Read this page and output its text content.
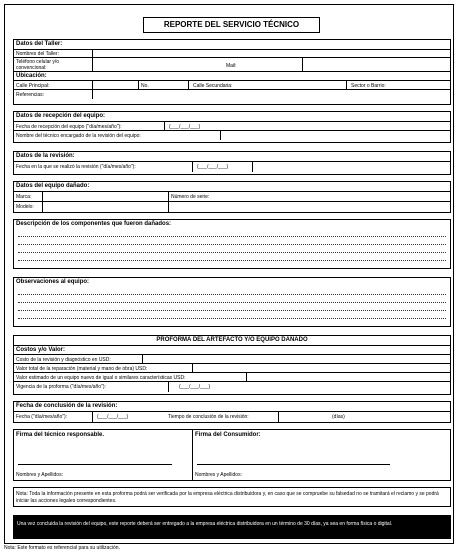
REPORTE DEL SERVICIO TÉCNICO
Datos del Taller:
Nombres del Taller:
Teléfono celular y/o convencional:	Mail:
Ubicación:
Calle Principal:	No.	Calle Secundaria:	Sector o Barrio:
Referencias:
Datos de recepción del equipo:
Fecha de recepción del equipo ("día/mes/año"):	(___/___/___)
Nombre del técnico encargado de la revisión del equipo:
Datos de la revisión:
Fecha en la que se realizó la revisión ("día/mes/año"):	(___/___/___)
Datos del equipo dañado:
Marca:	Número de serie:
Modelo:
Descripción de los componentes que fueron dañados:
Observaciones al equipo:
PROFORMA DEL ARTEFACTO Y/O EQUIPO DAÑADO
Costos y/o Valor:
Costo de la revisión y diagnóstico en USD:
Valor total de la reparación (material y mano de obra) USD:
Valor estimado de un equipo nuevo de igual o similares características USD:
Vigencia de la proforma ("día/mes/año"):	(___/___/___)
Fecha de conclusión de la revisión:
Fecha ("día/mes/año"):	(___/___/___)	Tiempo de conclusión de la revisión:	(días)
Firma del técnico responsable.
Nombres y Apellidos:
Firma del Consumidor:
Nombres y Apellidos:
Nota: Toda la información presente en esta proforma podrá ser verificada por la empresa eléctrica distribuidora y, en caso que se compruebe su falsedad no se tramitará el reclamo y se podrá iniciar las acciones legales correspondientes.
Una vez concluida la revisión del equipo, este reporte deberá ser entregado a la empresa eléctrica distribuidora en un término de 30 días, ya sea en forma física o digital.
Nota: Este formato es referencial para su utilización.
